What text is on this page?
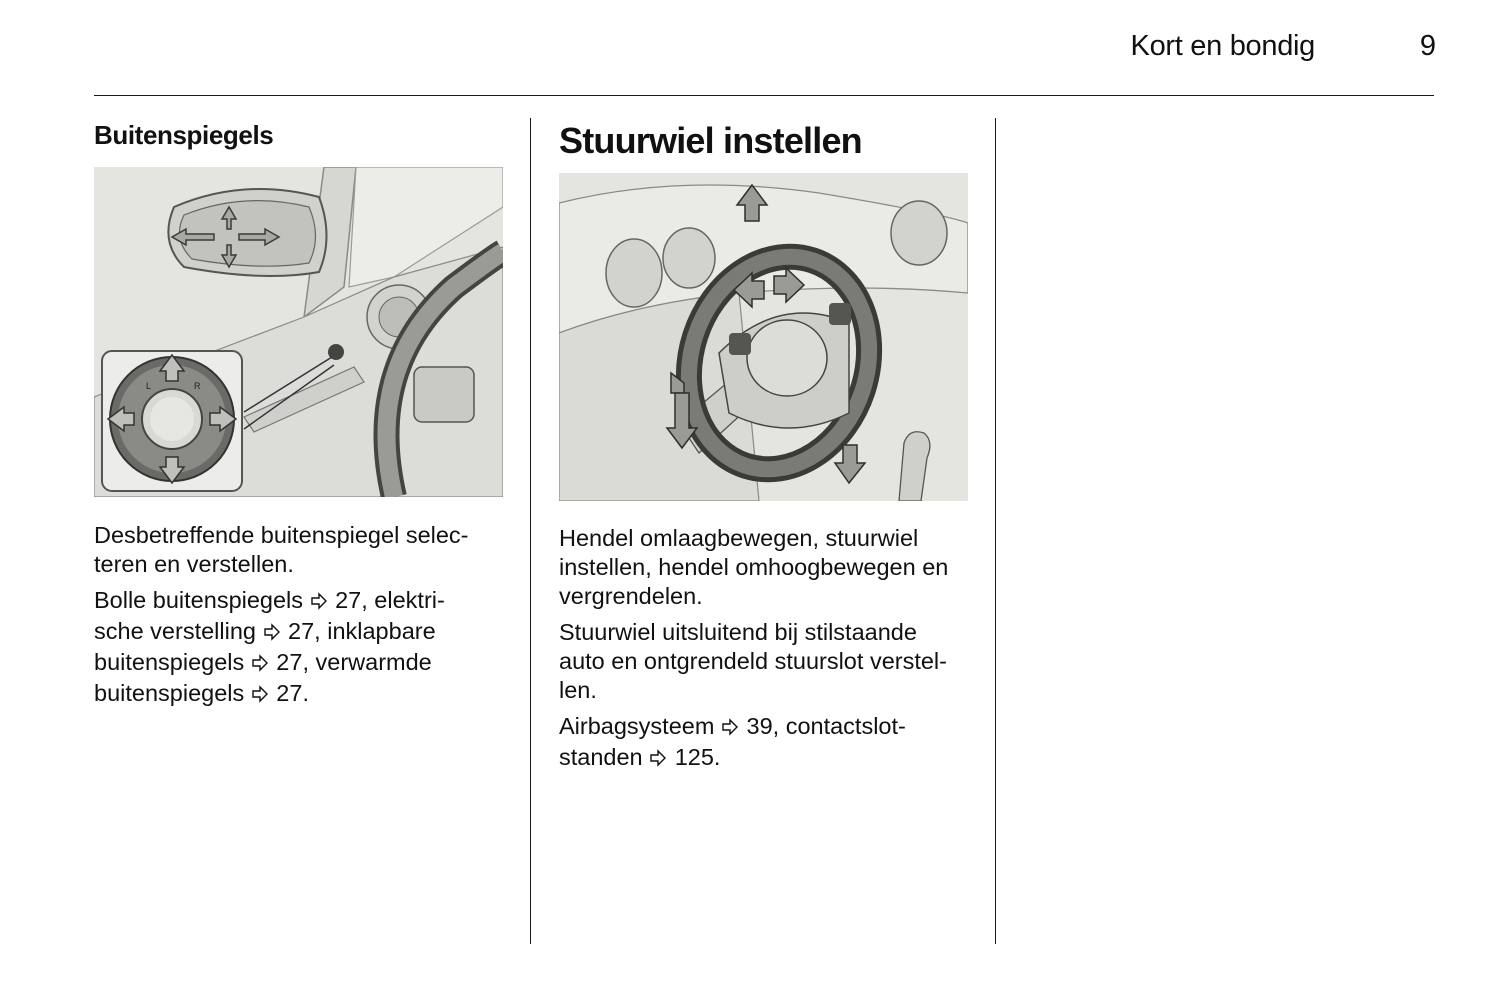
Kort en bondig	9
Buitenspiegels
L	R

Desbetreffende buitenspiegel selec-
teren en verstellen.

Bolle buitenspiegels  27, elektri-
sche verstelling  27, inklapbare
buitenspiegels  27, verwarmde
buitenspiegels  27.

Stuurwiel instellen

Hendel omlaagbewegen, stuurwiel
instellen, hendel omhoogbewegen en
vergrendelen.

Stuurwiel uitsluitend bij stilstaande
auto en ontgrendeld stuurslot verstel-
len.

Airbagsysteem  39, contactslot-
standen  125.
